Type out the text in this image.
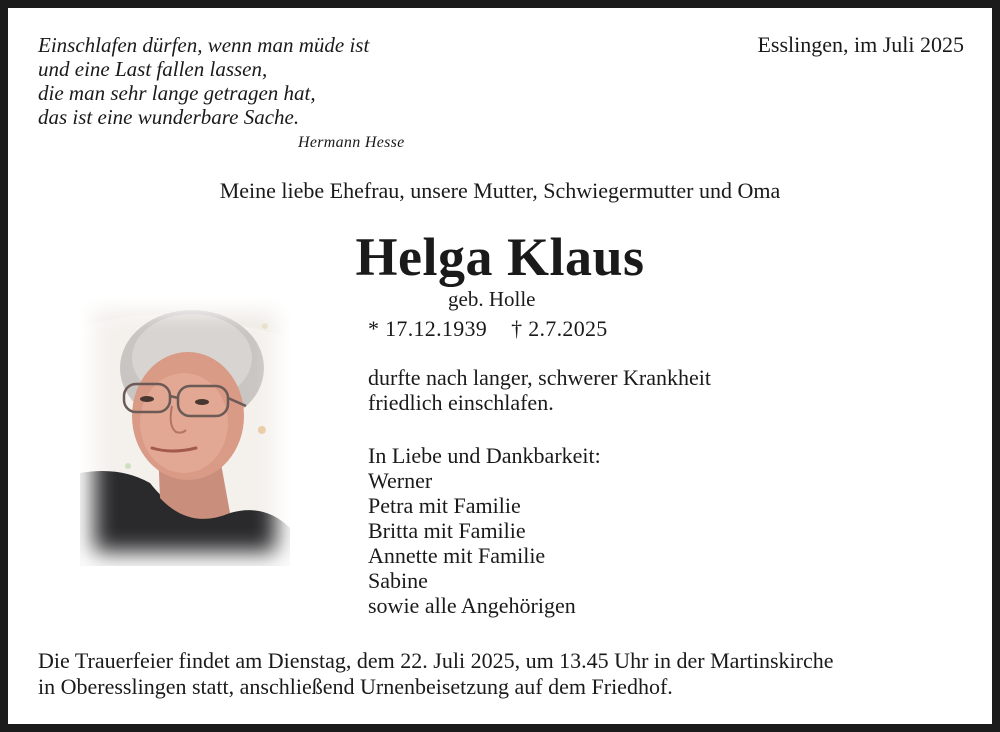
Einschlafen dürfen, wenn man müde ist
und eine Last fallen lassen,
die man sehr lange getragen hat,
das ist eine wunderbare Sache.
Hermann Hesse
Esslingen, im Juli 2025
Meine liebe Ehefrau, unsere Mutter, Schwiegermutter und Oma
Helga Klaus
geb. Holle
* 17.12.1939 † 2.7.2025
durfte nach langer, schwerer Krankheit
friedlich einschlafen.
In Liebe und Dankbarkeit:
Werner
Petra mit Familie
Britta mit Familie
Annette mit Familie
Sabine
sowie alle Angehörigen
Die Trauerfeier findet am Dienstag, dem 22. Juli 2025, um 13.45 Uhr in der Martinskirche
in Oberesslingen statt, anschließend Urnenbeisetzung auf dem Friedhof.
